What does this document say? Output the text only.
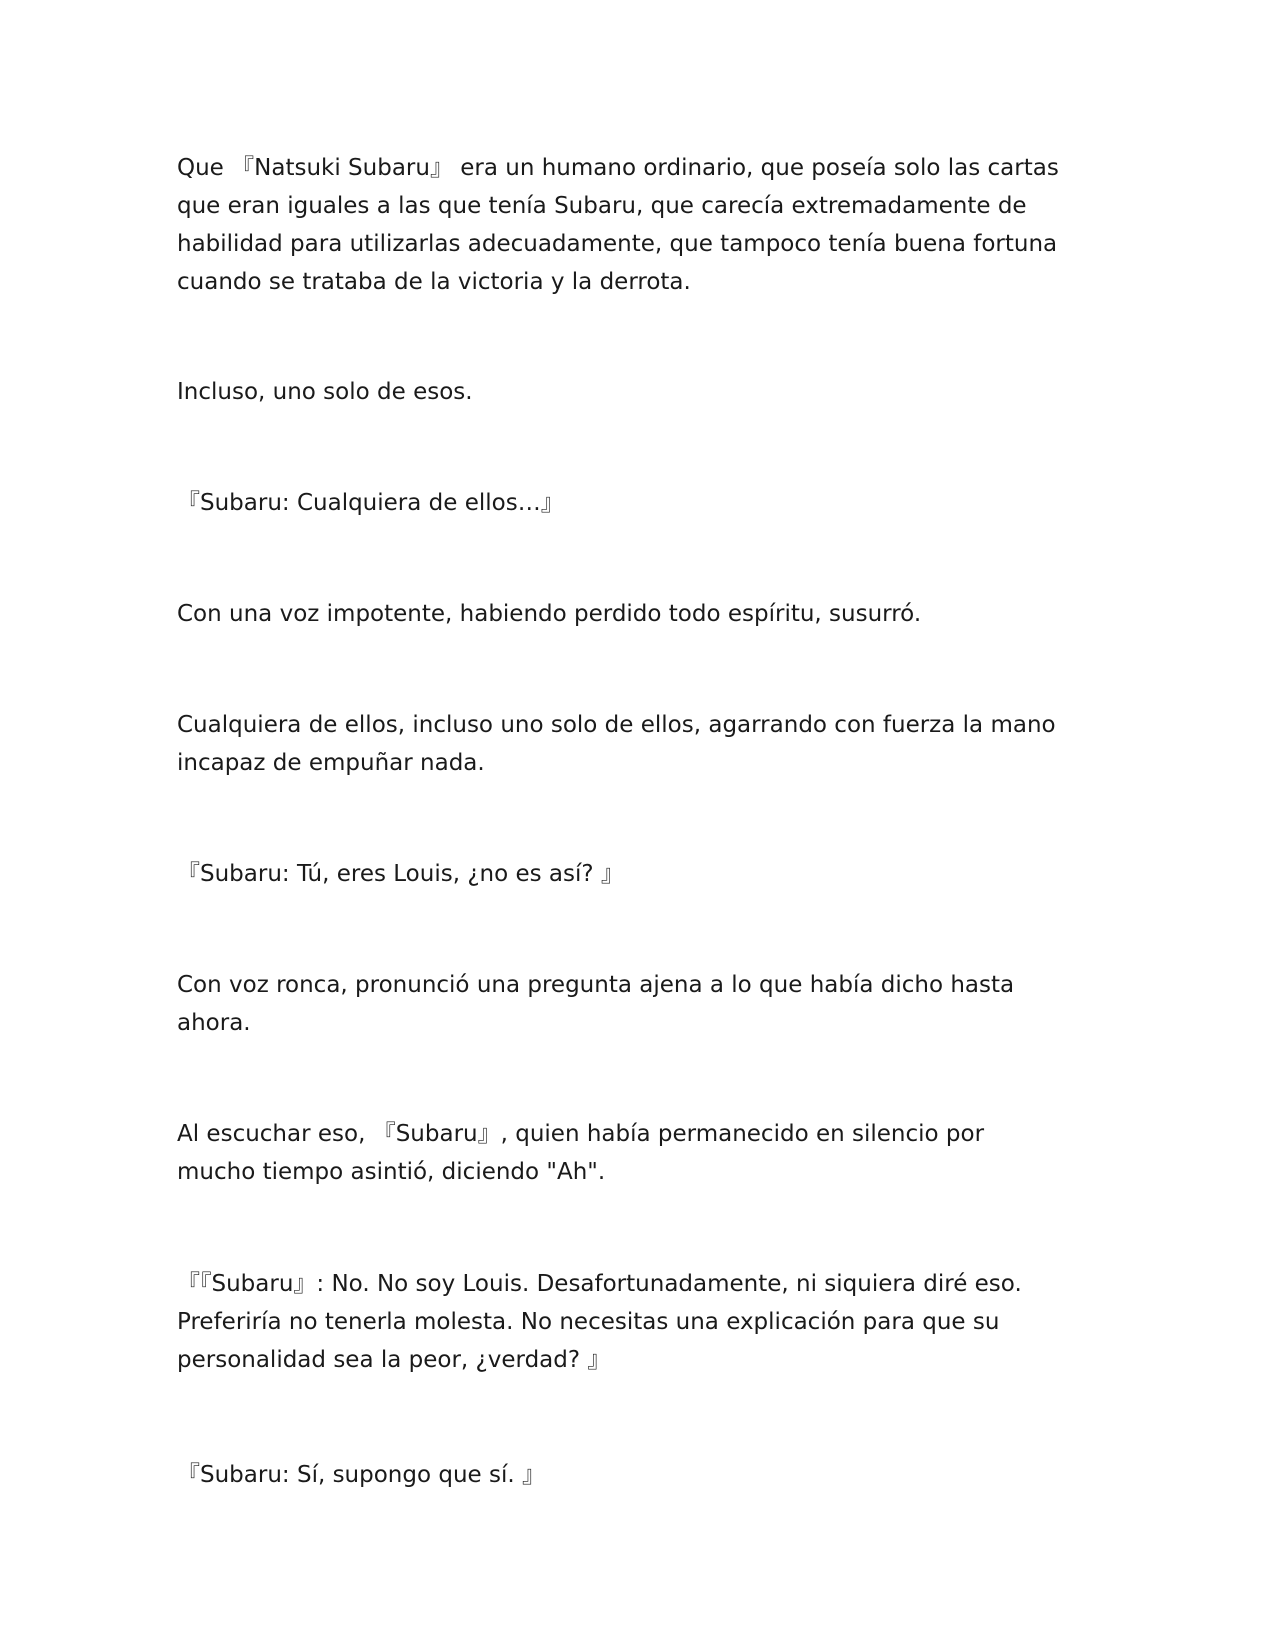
Que 『Natsuki Subaru』 era un humano ordinario, que poseía solo las cartas
que eran iguales a las que tenía Subaru, que carecía extremadamente de
habilidad para utilizarlas adecuadamente, que tampoco tenía buena fortuna
cuando se trataba de la victoria y la derrota.

Incluso, uno solo de esos.

『Subaru: Cualquiera de ellos…』

Con una voz impotente, habiendo perdido todo espíritu, susurró.

Cualquiera de ellos, incluso uno solo de ellos, agarrando con fuerza la mano
incapaz de empuñar nada.

『Subaru: Tú, eres Louis, ¿no es así? 』

Con voz ronca, pronunció una pregunta ajena a lo que había dicho hasta
ahora.

Al escuchar eso, 『Subaru』, quien había permanecido en silencio por
mucho tiempo asintió, diciendo "Ah".

『『Subaru』: No. No soy Louis. Desafortunadamente, ni siquiera diré eso.
Preferiría no tenerla molesta. No necesitas una explicación para que su
personalidad sea la peor, ¿verdad? 』

『Subaru: Sí, supongo que sí. 』
